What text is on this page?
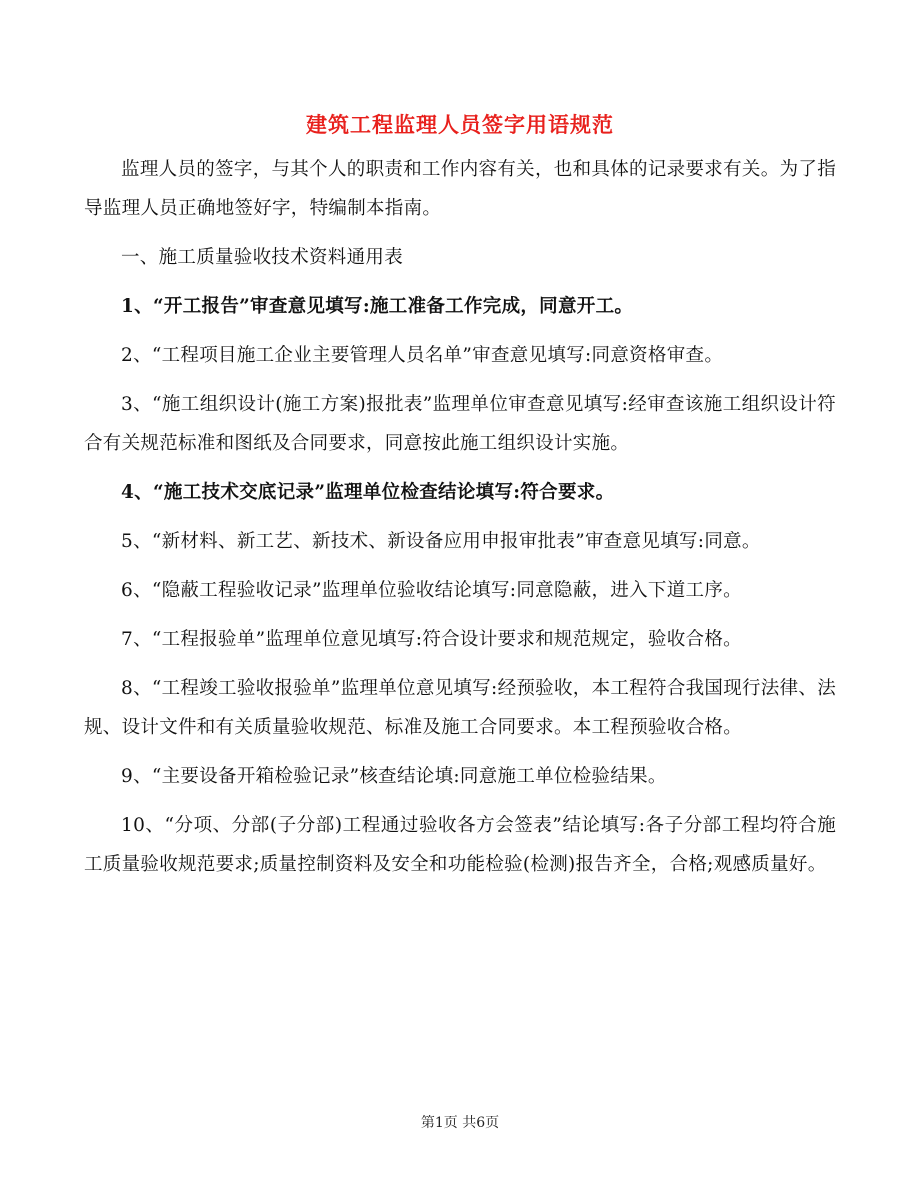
建筑工程监理人员签字用语规范

监理人员的签字，与其个人的职责和工作内容有关，也和具体的记录要求有关。为了指导监理人员正确地签好字，特编制本指南。

一、施工质量验收技术资料通用表

1、“开工报告”审查意见填写:施工准备工作完成，同意开工。

2、“工程项目施工企业主要管理人员名单”审查意见填写:同意资格审查。

3、“施工组织设计(施工方案)报批表”监理单位审查意见填写:经审查该施工组织设计符合有关规范标准和图纸及合同要求，同意按此施工组织设计实施。

4、“施工技术交底记录”监理单位检查结论填写:符合要求。

5、“新材料、新工艺、新技术、新设备应用申报审批表”审查意见填写:同意。

6、“隐蔽工程验收记录”监理单位验收结论填写:同意隐蔽，进入下道工序。

7、“工程报验单”监理单位意见填写:符合设计要求和规范规定，验收合格。

8、“工程竣工验收报验单”监理单位意见填写:经预验收，本工程符合我国现行法律、法规、设计文件和有关质量验收规范、标准及施工合同要求。本工程预验收合格。

9、“主要设备开箱检验记录”核查结论填:同意施工单位检验结果。

10、“分项、分部(子分部)工程通过验收各方会签表”结论填写:各子分部工程均符合施工质量验收规范要求;质量控制资料及安全和功能检验(检测)报告齐全，合格;观感质量好。

第1页 共6页
